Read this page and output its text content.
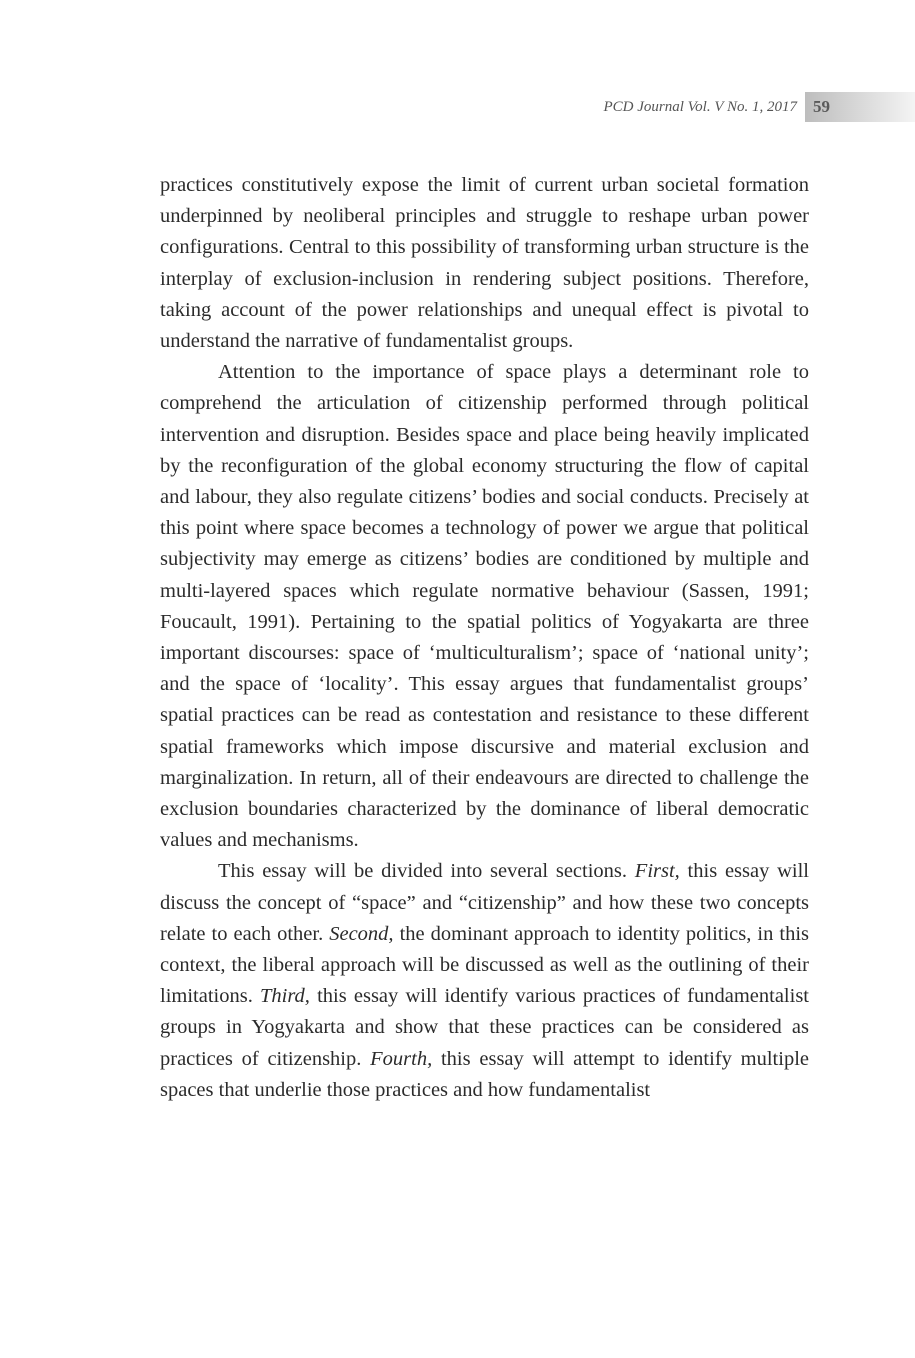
PCD Journal Vol. V No. 1, 2017 59

practices constitutively expose the limit of current urban societal formation underpinned by neoliberal principles and struggle to reshape urban power configurations. Central to this possibility of transforming urban structure is the interplay of exclusion-inclusion in rendering subject positions. Therefore, taking account of the power relationships and unequal effect is pivotal to understand the narrative of fundamentalist groups.

Attention to the importance of space plays a determinant role to comprehend the articulation of citizenship performed through political intervention and disruption. Besides space and place being heavily implicated by the reconfiguration of the global economy structuring the flow of capital and labour, they also regulate citizens’ bodies and social conducts. Precisely at this point where space becomes a technology of power we argue that political subjectivity may emerge as citizens’ bodies are conditioned by multiple and multi-layered spaces which regulate normative behaviour (Sassen, 1991; Foucault, 1991). Pertaining to the spatial politics of Yogyakarta are three important discourses: space of ‘multiculturalism’; space of ‘national unity’; and the space of ‘locality’. This essay argues that fundamentalist groups’ spatial practices can be read as contestation and resistance to these different spatial frameworks which impose discursive and material exclusion and marginalization. In return, all of their endeavours are directed to challenge the exclusion boundaries characterized by the dominance of liberal democratic values and mechanisms.

This essay will be divided into several sections. First, this essay will discuss the concept of “space” and “citizenship” and how these two concepts relate to each other. Second, the dominant approach to identity politics, in this context, the liberal approach will be discussed as well as the outlining of their limitations. Third, this essay will identify various practices of fundamentalist groups in Yogyakarta and show that these practices can be considered as practices of citizenship. Fourth, this essay will attempt to identify multiple spaces that underlie those practices and how fundamentalist
